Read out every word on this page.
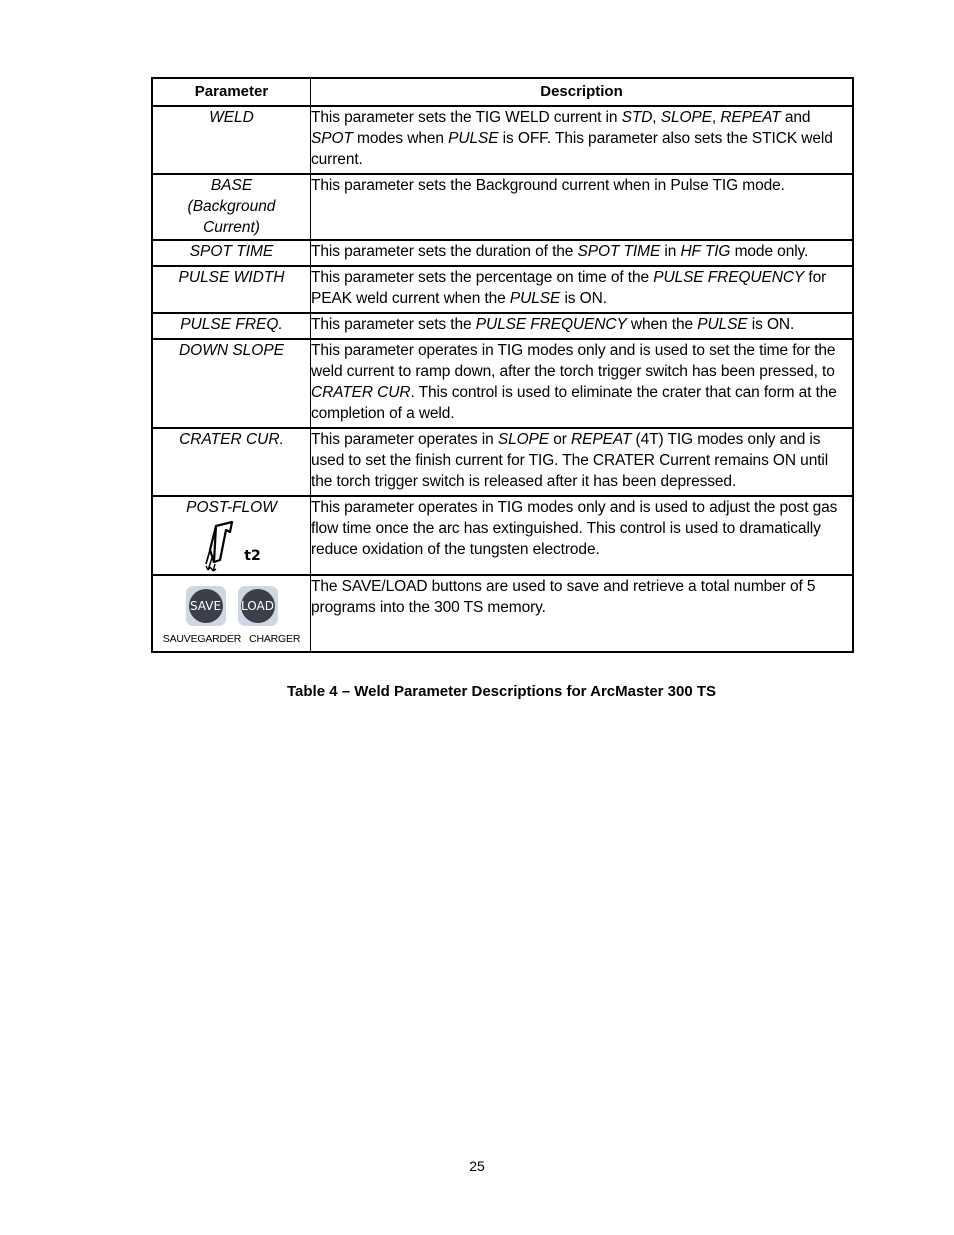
Parameter	Description
WELD	This parameter sets the TIG WELD current in STD, SLOPE, REPEAT and SPOT modes when PULSE is OFF. This parameter also sets the STICK weld current.

BASE (Background Current)	This parameter sets the Background current when in Pulse TIG mode.
SPOT TIME	This parameter sets the duration of the SPOT TIME in HF TIG mode only.
PULSE WIDTH	This parameter sets the percentage on time of the PULSE FREQUENCY for PEAK weld current when the PULSE is ON.
PULSE FREQ.	This parameter sets the PULSE FREQUENCY when the PULSE is ON.
DOWN SLOPE	This parameter operates in TIG modes only and is used to set the time for the weld current to ramp down, after the torch trigger switch has been pressed, to CRATER CUR. This control is used to eliminate the crater that can form at the completion of a weld.
CRATER CUR.	This parameter operates in SLOPE or REPEAT (4T) TIG modes only and is used to set the finish current for TIG. The CRATER Current remains ON until the torch trigger switch is released after it has been depressed.

POST-FLOW
t2	This parameter operates in TIG modes only and is used to adjust the post gas flow time once the arc has extinguished. This control is used to dramatically reduce oxidation of the tungsten electrode.

SAVE LOAD
SAUVEGARDER CHARGER	The SAVE/LOAD buttons are used to save and retrieve a total number of 5 programs into the 300 TS memory.
Table 4 – Weld Parameter Descriptions for ArcMaster 300 TS
25
